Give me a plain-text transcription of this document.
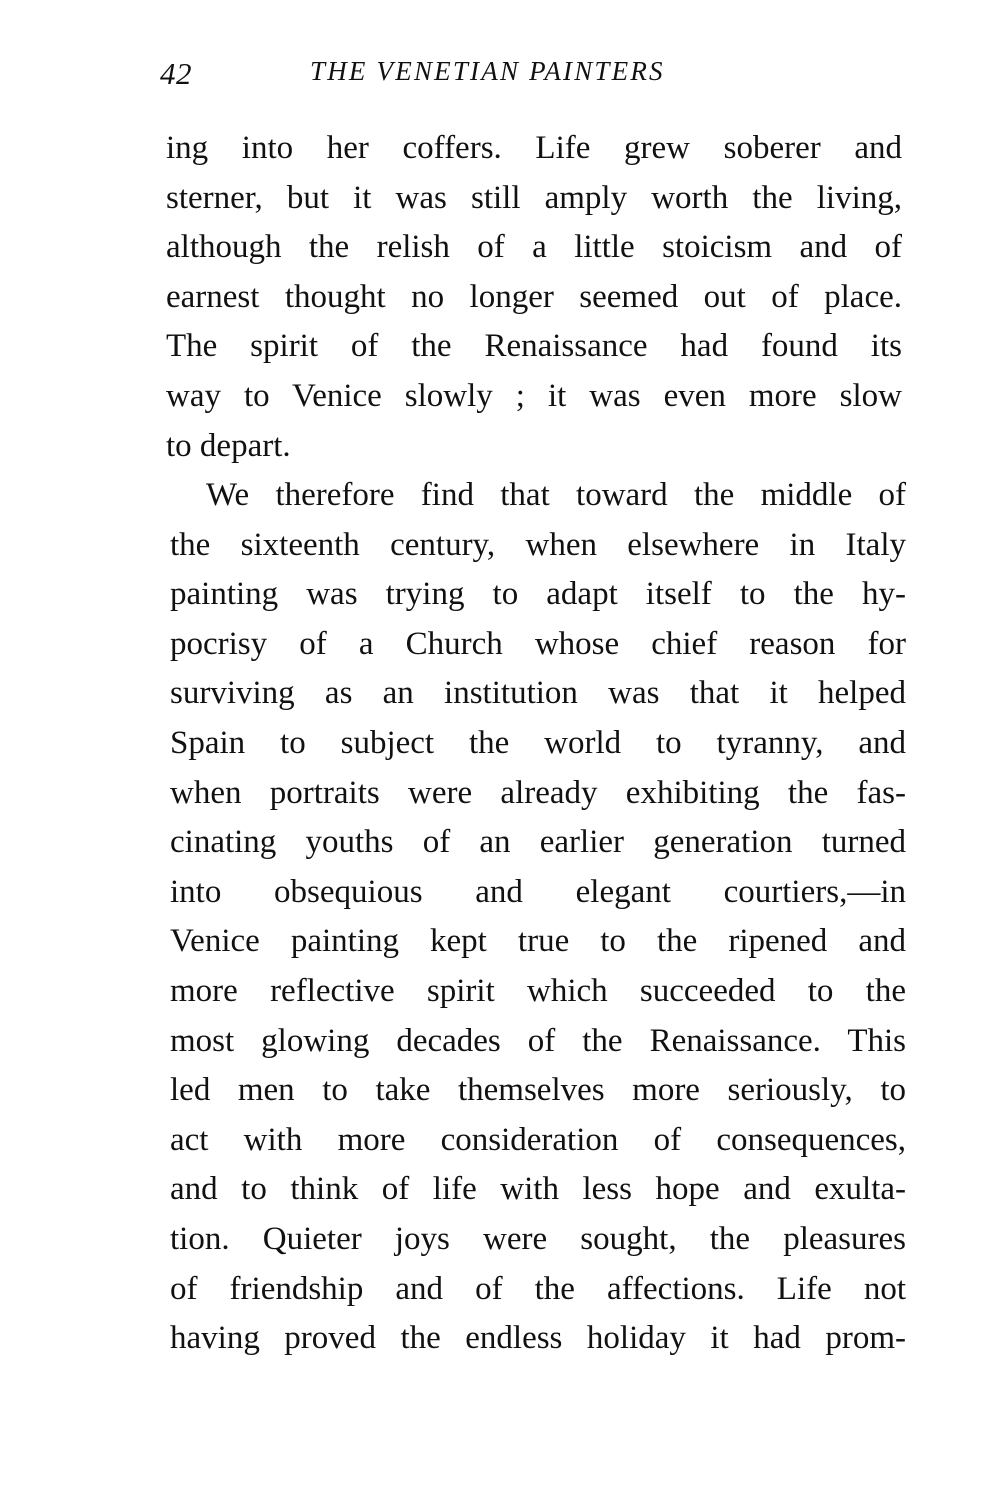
42	THE VENETIAN PAINTERS
ing into her coffers. Life grew soberer and
sterner, but it was still amply worth the living,
although the relish of a little stoicism and of
earnest thought no longer seemed out of place.
The spirit of the Renaissance had found its
way to Venice slowly ; it was even more slow
to depart.
We therefore find that toward the middle of
the sixteenth century, when elsewhere in Italy
painting was trying to adapt itself to the hy-
pocrisy of a Church whose chief reason for
surviving as an institution was that it helped
Spain to subject the world to tyranny, and
when portraits were already exhibiting the fas-
cinating youths of an earlier generation turned
into obsequious and elegant courtiers,—in
Venice painting kept true to the ripened and
more reflective spirit which succeeded to the
most glowing decades of the Renaissance. This
led men to take themselves more seriously, to
act with more consideration of consequences,
and to think of life with less hope and exulta-
tion. Quieter joys were sought, the pleasures
of friendship and of the affections. Life not
having proved the endless holiday it had prom-
